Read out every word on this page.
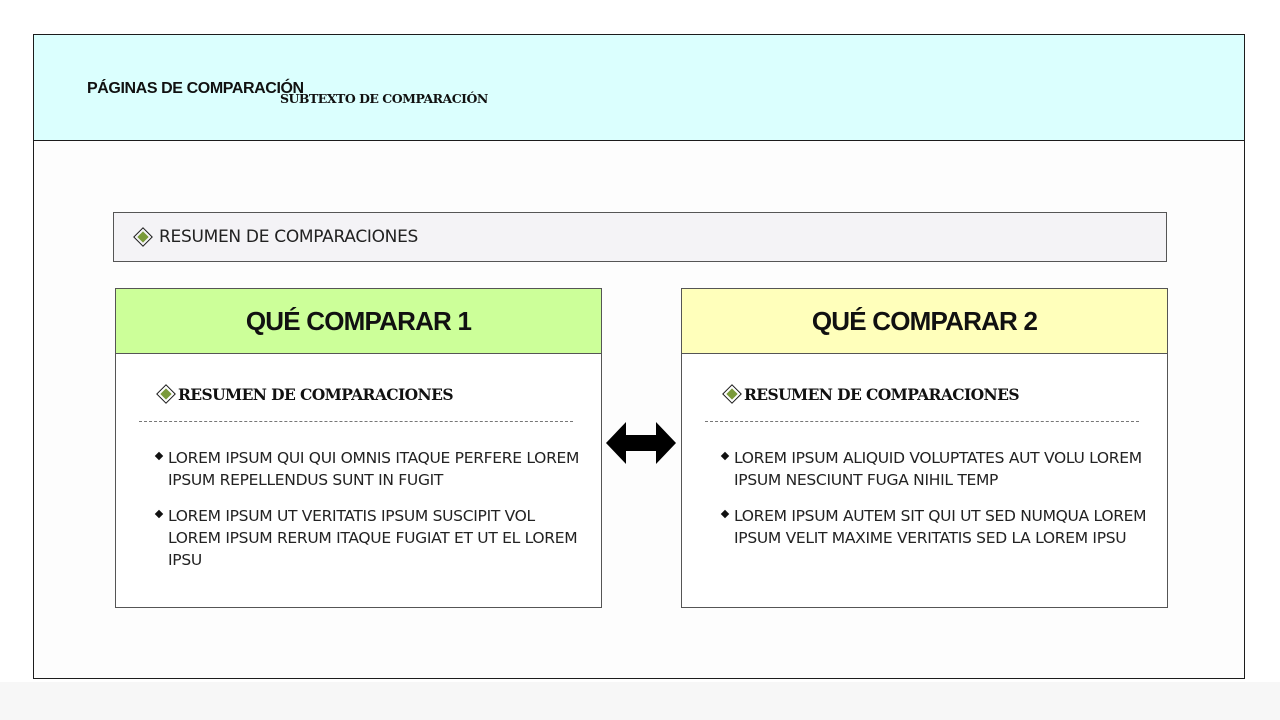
PÁGINAS DE COMPARACIÓN
SUBTEXTO DE COMPARACIÓN
RESUMEN DE COMPARACIONES
QUÉ COMPARAR 1
RESUMEN DE COMPARACIONES
LOREM IPSUM QUI QUI OMNIS ITAQUE PERFERE LOREM IPSUM REPELLENDUS SUNT IN FUGIT
LOREM IPSUM UT VERITATIS IPSUM SUSCIPIT VOL LOREM IPSUM RERUM ITAQUE FUGIAT ET UT EL LOREM IPSU
QUÉ COMPARAR 2
RESUMEN DE COMPARACIONES
LOREM IPSUM ALIQUID VOLUPTATES AUT VOLU LOREM IPSUM NESCIUNT FUGA NIHIL TEMP
LOREM IPSUM AUTEM SIT QUI UT SED NUMQUA LOREM IPSUM VELIT MAXIME VERITATIS SED LA LOREM IPSU
